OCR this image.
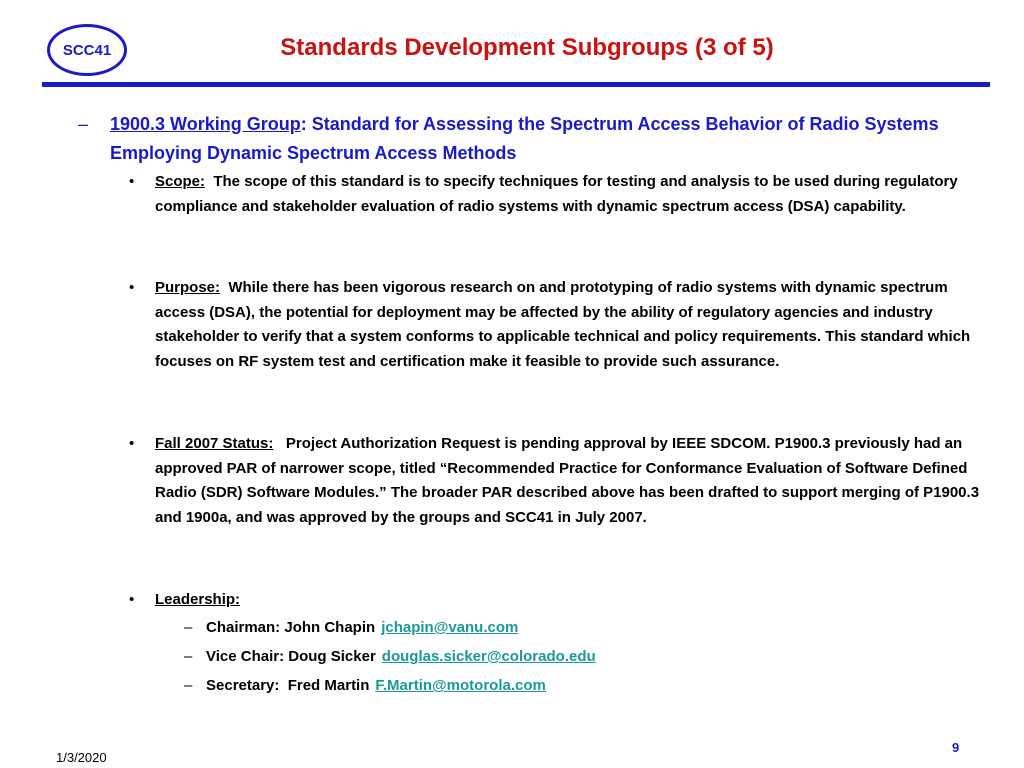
SCC41	Standards Development Subgroups (3 of 5)
– 1900.3 Working Group: Standard for Assessing the Spectrum Access Behavior of Radio Systems Employing Dynamic Spectrum Access Methods
• Scope: The scope of this standard is to specify techniques for testing and analysis to be used during regulatory compliance and stakeholder evaluation of radio systems with dynamic spectrum access (DSA) capability.
• Purpose: While there has been vigorous research on and prototyping of radio systems with dynamic spectrum access (DSA), the potential for deployment may be affected by the ability of regulatory agencies and industry stakeholder to verify that a system conforms to applicable technical and policy requirements. This standard which focuses on RF system test and certification make it feasible to provide such assurance.
• Fall 2007 Status: Project Authorization Request is pending approval by IEEE SDCOM. P1900.3 previously had an approved PAR of narrower scope, titled “Recommended Practice for Conformance Evaluation of Software Defined Radio (SDR) Software Modules.” The broader PAR described above has been drafted to support merging of P1900.3 and 1900a, and was approved by the groups and SCC41 in July 2007.
• Leadership:
– Chairman: John Chapin jchapin@vanu.com
– Vice Chair: Doug Sicker douglas.sicker@colorado.edu
– Secretary:  Fred Martin F.Martin@motorola.com
1/3/2020
9
